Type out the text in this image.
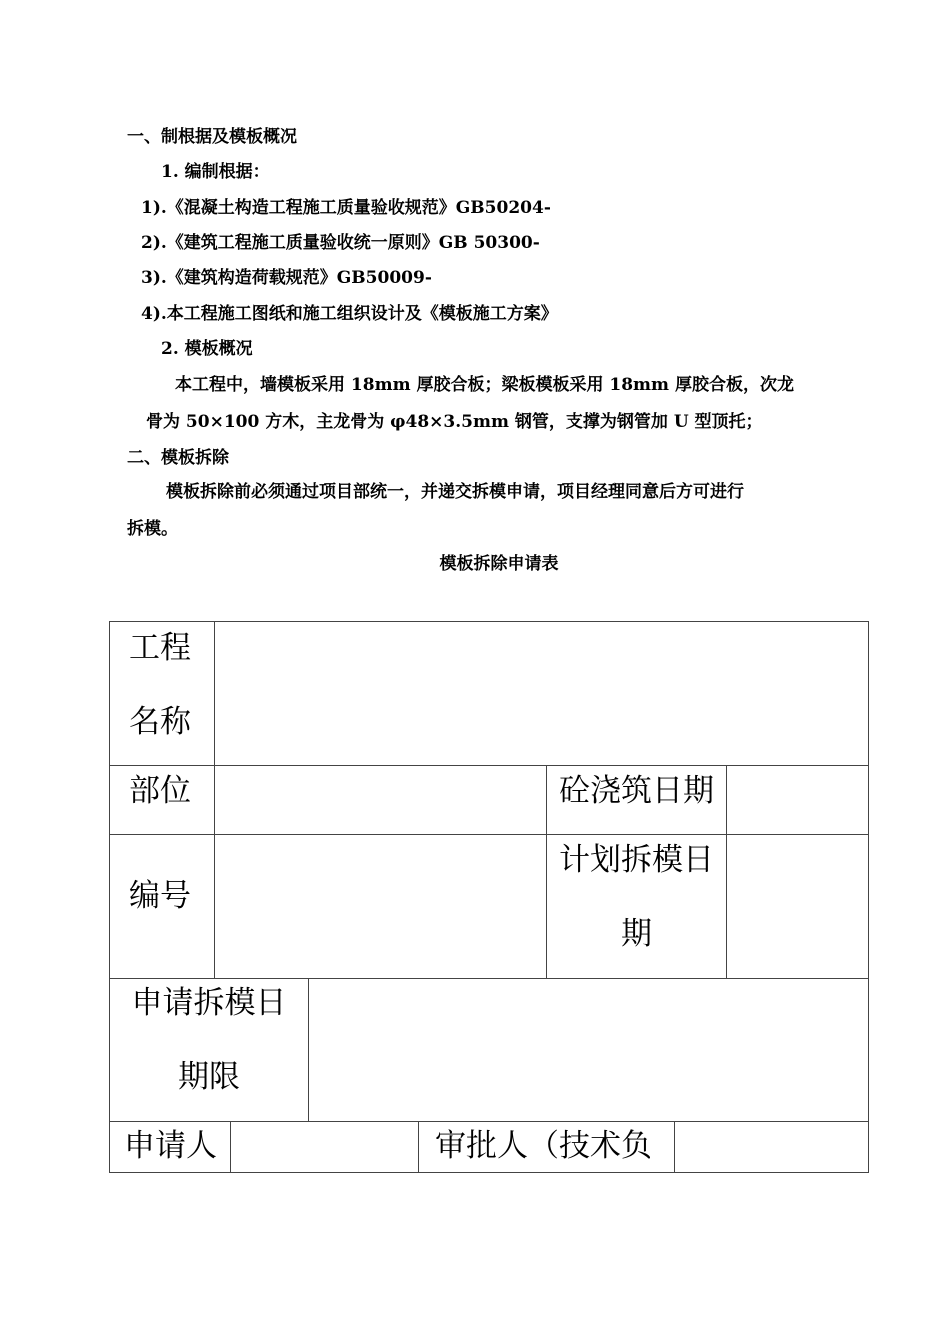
一、制根据及模板概况
1. 编制根据：
1).《混凝土构造工程施工质量验收规范》GB50204-
2).《建筑工程施工质量验收统一原则》GB 50300-
3).《建筑构造荷载规范》GB50009-
4).本工程施工图纸和施工组织设计及《模板施工方案》
2. 模板概况
本工程中，墙模板采用 18mm 厚胶合板；梁板模板采用 18mm 厚胶合板，次龙
骨为 50×100 方木，主龙骨为 φ48×3.5mm 钢管，支撑为钢管加 U 型顶托；
二、模板拆除
模板拆除前必须通过项目部统一，并递交拆模申请，项目经理同意后方可进行
拆模。
模板拆除申请表
工程
名称
部位	砼浇筑日期
编号
计划拆模日
期
申请拆模日
期限
申请人	审批人（技术负
